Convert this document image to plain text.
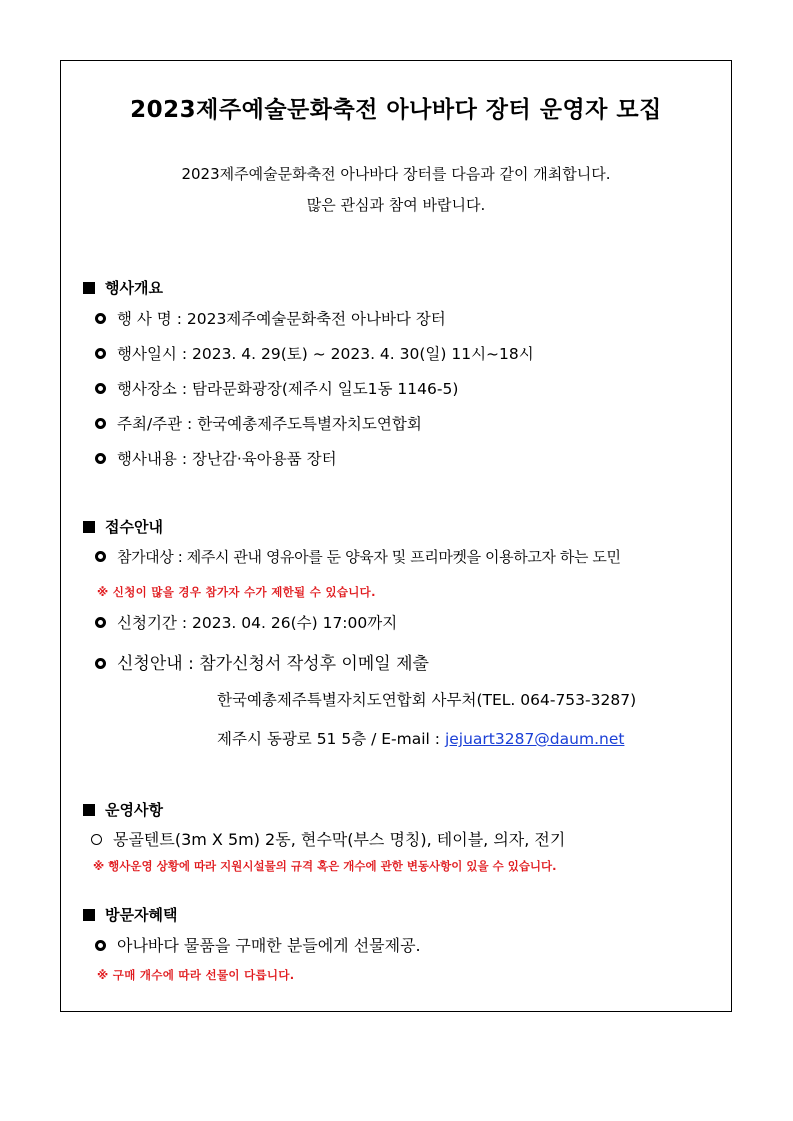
2023제주예술문화축전 아나바다 장터 운영자 모집
2023제주예술문화축전 아나바다 장터를 다음과 같이 개최합니다.
많은 관심과 참여 바랍니다.
행사개요
행 사 명 : 2023제주예술문화축전 아나바다 장터
행사일시 : 2023. 4. 29(토) ~ 2023. 4. 30(일) 11시~18시
행사장소 : 탐라문화광장(제주시 일도1동 1146-5)
주최/주관 : 한국예총제주도특별자치도연합회
행사내용 : 장난감·육아용품 장터
접수안내
참가대상 : 제주시 관내 영유아를 둔 양육자 및 프리마켓을 이용하고자 하는 도민
※ 신청이 많을 경우 참가자 수가 제한될 수 있습니다.
신청기간 : 2023. 04. 26(수) 17:00까지
신청안내 : 참가신청서 작성후 이메일 제출
한국예총제주특별자치도연합회 사무처(TEL. 064-753-3287)
제주시 동광로 51 5층 / E-mail : jejuart3287@daum.net
운영사항
몽골텐트(3m X 5m) 2동, 현수막(부스 명칭), 테이블, 의자, 전기
※ 행사운영 상황에 따라 지원시설물의 규격 혹은 개수에 관한 변동사항이 있을 수 있습니다.
방문자혜택
아나바다 물품을 구매한 분들에게 선물제공.
※ 구매 개수에 따라 선물이 다릅니다.
